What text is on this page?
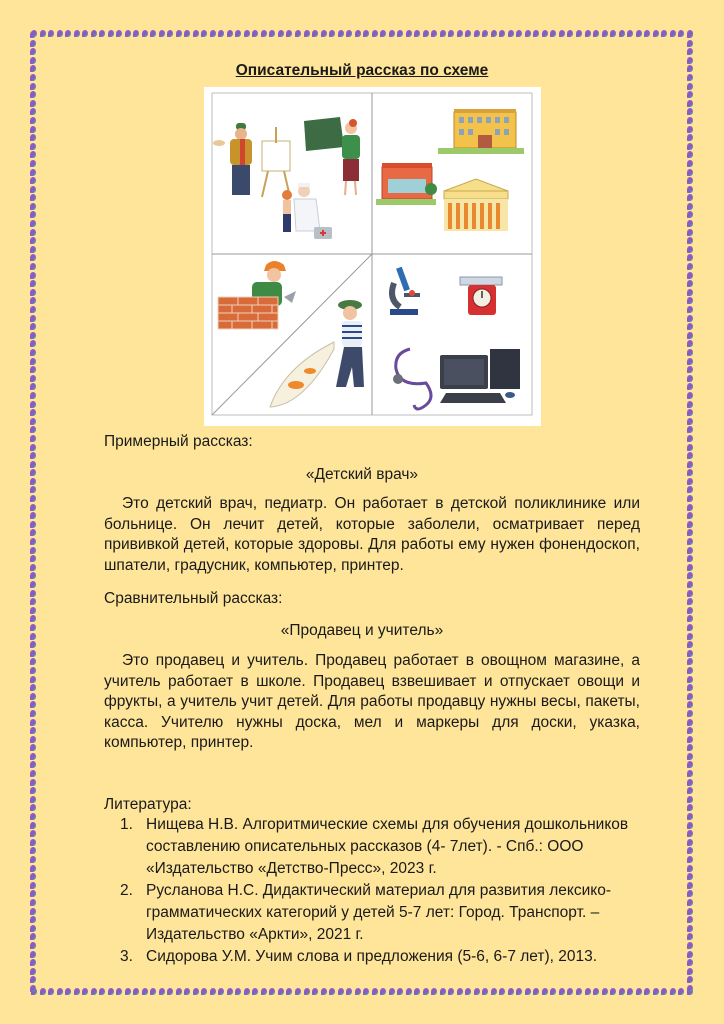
Описательный рассказ по схеме
Примерный рассказ:
«Детский врач»
Это детский врач, педиатр. Он работает в детской поликлинике или больнице. Он лечит детей, которые заболели, осматривает перед прививкой детей, которые здоровы. Для работы ему нужен фонендоскоп, шпатели, градусник, компьютер, принтер.
Сравнительный рассказ:
«Продавец и учитель»
Это продавец и учитель. Продавец работает в овощном магазине, а учитель работает в школе. Продавец взвешивает и отпускает овощи и фрукты, а учитель учит детей. Для работы продавцу нужны весы, пакеты, касса. Учителю нужны доска, мел и маркеры для доски, указка, компьютер, принтер.
Литература:
1. Нищева Н.В. Алгоритмические схемы для обучения дошкольников составлению описательных рассказов (4- 7лет). - Спб.: ООО «Издательство «Детство-Пресс», 2023 г.
2. Русланова Н.С. Дидактический материал для развития лексико-грамматических категорий у детей 5-7 лет: Город. Транспорт. – Издательство «Аркти», 2021 г.
3. Сидорова У.М. Учим слова и предложения (5-6, 6-7 лет), 2013.
